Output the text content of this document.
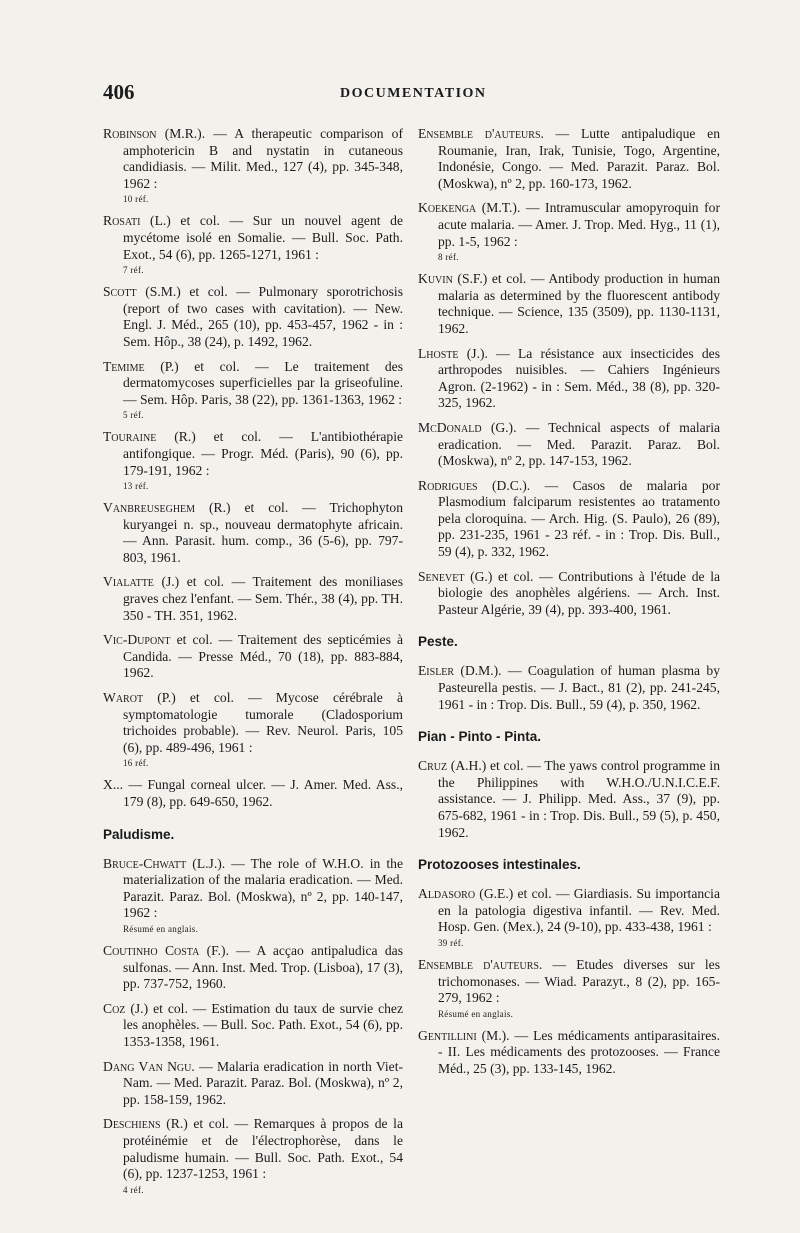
406	DOCUMENTATION

Robinson (M.R.). — A therapeutic comparison of amphotericin B and nystatin in cutaneous candidiasis. — Milit. Med., 127 (4), pp. 345-348, 1962 :
10 réf.

Rosati (L.) et col. — Sur un nouvel agent de mycétome isolé en Somalie. — Bull. Soc. Path. Exot., 54 (6), pp. 1265-1271, 1961 :
7 réf.

Scott (S.M.) et col. — Pulmonary sporotrichosis (report of two cases with cavitation). — New. Engl. J. Méd., 265 (10), pp. 453-457, 1962 - in : Sem. Hôp., 38 (24), p. 1492, 1962.

Temime (P.) et col. — Le traitement des dermatomycoses superficielles par la griseofuline. — Sem. Hôp. Paris, 38 (22), pp. 1361-1363, 1962 :
5 réf.

Touraine (R.) et col. — L'antibiothérapie antifongique. — Progr. Méd. (Paris), 90 (6), pp. 179-191, 1962 :
13 réf.

Vanbreuseghem (R.) et col. — Trichophyton kuryangei n. sp., nouveau dermatophyte africain. — Ann. Parasit. hum. comp., 36 (5-6), pp. 797-803, 1961.

Vialatte (J.) et col. — Traitement des moniliases graves chez l'enfant. — Sem. Thér., 38 (4), pp. TH. 350 - TH. 351, 1962.

Vic-Dupont et col. — Traitement des septicémies à Candida. — Presse Méd., 70 (18), pp. 883-884, 1962.

Warot (P.) et col. — Mycose cérébrale à symptomatologie tumorale (Cladosporium trichoides probable). — Rev. Neurol. Paris, 105 (6), pp. 489-496, 1961 :
16 réf.

X... — Fungal corneal ulcer. — J. Amer. Med. Ass., 179 (8), pp. 649-650, 1962.

Paludisme.

Bruce-Chwatt (L.J.). — The role of W.H.O. in the materialization of the malaria eradication. — Med. Parazit. Paraz. Bol. (Moskwa), nº 2, pp. 140-147, 1962 :
Résumé en anglais.

Coutinho Costa (F.). — A acçao antipaludica das sulfonas. — Ann. Inst. Med. Trop. (Lisboa), 17 (3), pp. 737-752, 1960.

Coz (J.) et col. — Estimation du taux de survie chez les anophèles. — Bull. Soc. Path. Exot., 54 (6), pp. 1353-1358, 1961.

Dang Van Ngu. — Malaria eradication in north Viet-Nam. — Med. Parazit. Paraz. Bol. (Moskwa), nº 2, pp. 158-159, 1962.

Deschiens (R.) et col. — Remarques à propos de la protéinémie et de l'électrophorèse, dans le paludisme humain. — Bull. Soc. Path. Exot., 54 (6), pp. 1237-1253, 1961 :
4 réf.

Ensemble d'auteurs. — Lutte antipaludique en Roumanie, Iran, Irak, Tunisie, Togo, Argentine, Indonésie, Congo. — Med. Parazit. Paraz. Bol. (Moskwa), nº 2, pp. 160-173, 1962.

Koekenga (M.T.). — Intramuscular amopyroquin for acute malaria. — Amer. J. Trop. Med. Hyg., 11 (1), pp. 1-5, 1962 :
8 réf.

Kuvin (S.F.) et col. — Antibody production in human malaria as determined by the fluorescent antibody technique. — Science, 135 (3509), pp. 1130-1131, 1962.

Lhoste (J.). — La résistance aux insecticides des arthropodes nuisibles. — Cahiers Ingénieurs Agron. (2-1962) - in : Sem. Méd., 38 (8), pp. 320-325, 1962.

McDonald (G.). — Technical aspects of malaria eradication. — Med. Parazit. Paraz. Bol. (Moskwa), nº 2, pp. 147-153, 1962.

Rodrigues (D.C.). — Casos de malaria por Plasmodium falciparum resistentes ao tratamento pela cloroquina. — Arch. Hig. (S. Paulo), 26 (89), pp. 231-235, 1961 - 23 réf. - in : Trop. Dis. Bull., 59 (4), p. 332, 1962.

Senevet (G.) et col. — Contributions à l'étude de la biologie des anophèles algériens. — Arch. Inst. Pasteur Algérie, 39 (4), pp. 393-400, 1961.

Peste.

Eisler (D.M.). — Coagulation of human plasma by Pasteurella pestis. — J. Bact., 81 (2), pp. 241-245, 1961 - in : Trop. Dis. Bull., 59 (4), p. 350, 1962.

Pian - Pinto - Pinta.

Cruz (A.H.) et col. — The yaws control programme in the Philippines with W.H.O./U.N.I.C.E.F. assistance. — J. Philipp. Med. Ass., 37 (9), pp. 675-682, 1961 - in : Trop. Dis. Bull., 59 (5), p. 450, 1962.

Protozooses intestinales.

Aldasoro (G.E.) et col. — Giardiasis. Su importancia en la patologia digestiva infantil. — Rev. Med. Hosp. Gen. (Mex.), 24 (9-10), pp. 433-438, 1961 :
39 réf.

Ensemble d'auteurs. — Etudes diverses sur les trichomonases. — Wiad. Parazyt., 8 (2), pp. 165-279, 1962 :
Résumé en anglais.

Gentillini (M.). — Les médicaments antiparasitaires. - II. Les médicaments des protozooses. — France Méd., 25 (3), pp. 133-145, 1962.
